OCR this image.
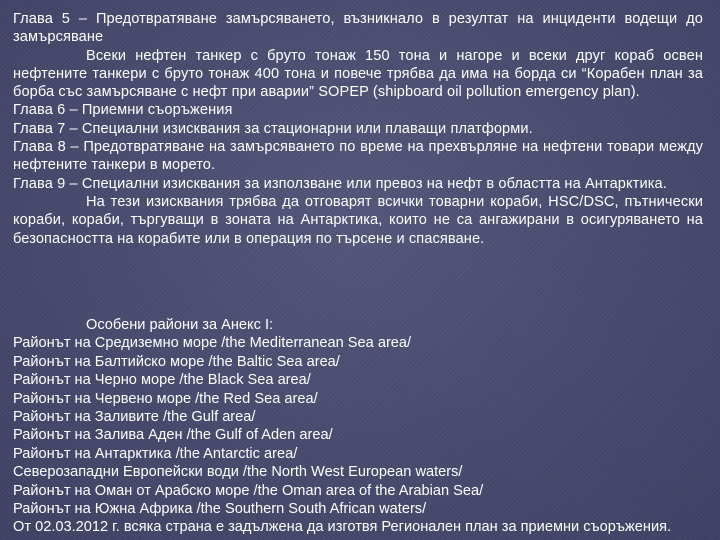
Глава 5 – Предотвратяване замърсяването, възникнало в резултат на инциденти водещи до замърсяване

Всеки нефтен танкер с бруто тонаж 150 тона и нагоре и всеки друг кораб освен нефтените танкери с бруто тонаж 400 тона и повече трябва да има на борда си “Корабен план за борба със замърсяване с нефт при аварии” SOPEP (shipboard oil pollution emergency plan).

Глава 6 – Приемни съоръжения

Глава 7 – Специални изисквания за стационарни или плаващи платформи.

Глава 8 – Предотвратяване на замърсяването по време на прехвърляне на нефтени товари между нефтените танкери в морето.

Глава 9 – Специални изисквания за използване или превоз на нефт в областта на Антарктика.

На тези изисквания трябва да отговарят всички товарни кораби, HSC/DSC, пътнически кораби, кораби, търгуващи в зоната на Антарктика, които не са ангажирани в осигуряването на безопасността на корабите или в операция по търсене и спасяване.

Особени райони за Анекс I:

Районът на Средиземно море /the Mediterranean Sea area/

Районът на Балтийско море /the Baltic Sea area/

Районът на Черно море /the Black Sea area/

Районът на Червено море /the Red Sea area/

Районът на Заливите /the Gulf area/

Районът на Залива Аден /the Gulf of Aden area/

Районът на Антарктика /the Antarctic area/

Северозападни Европейски води /the North West European waters/

Районът на Оман от Арабско море /the Oman area of the Arabian Sea/

Районът на Южна Африка /the Southern South African waters/

От 02.03.2012 г. всяка страна е задължена да изготвя Регионален план за приемни съоръжения.
